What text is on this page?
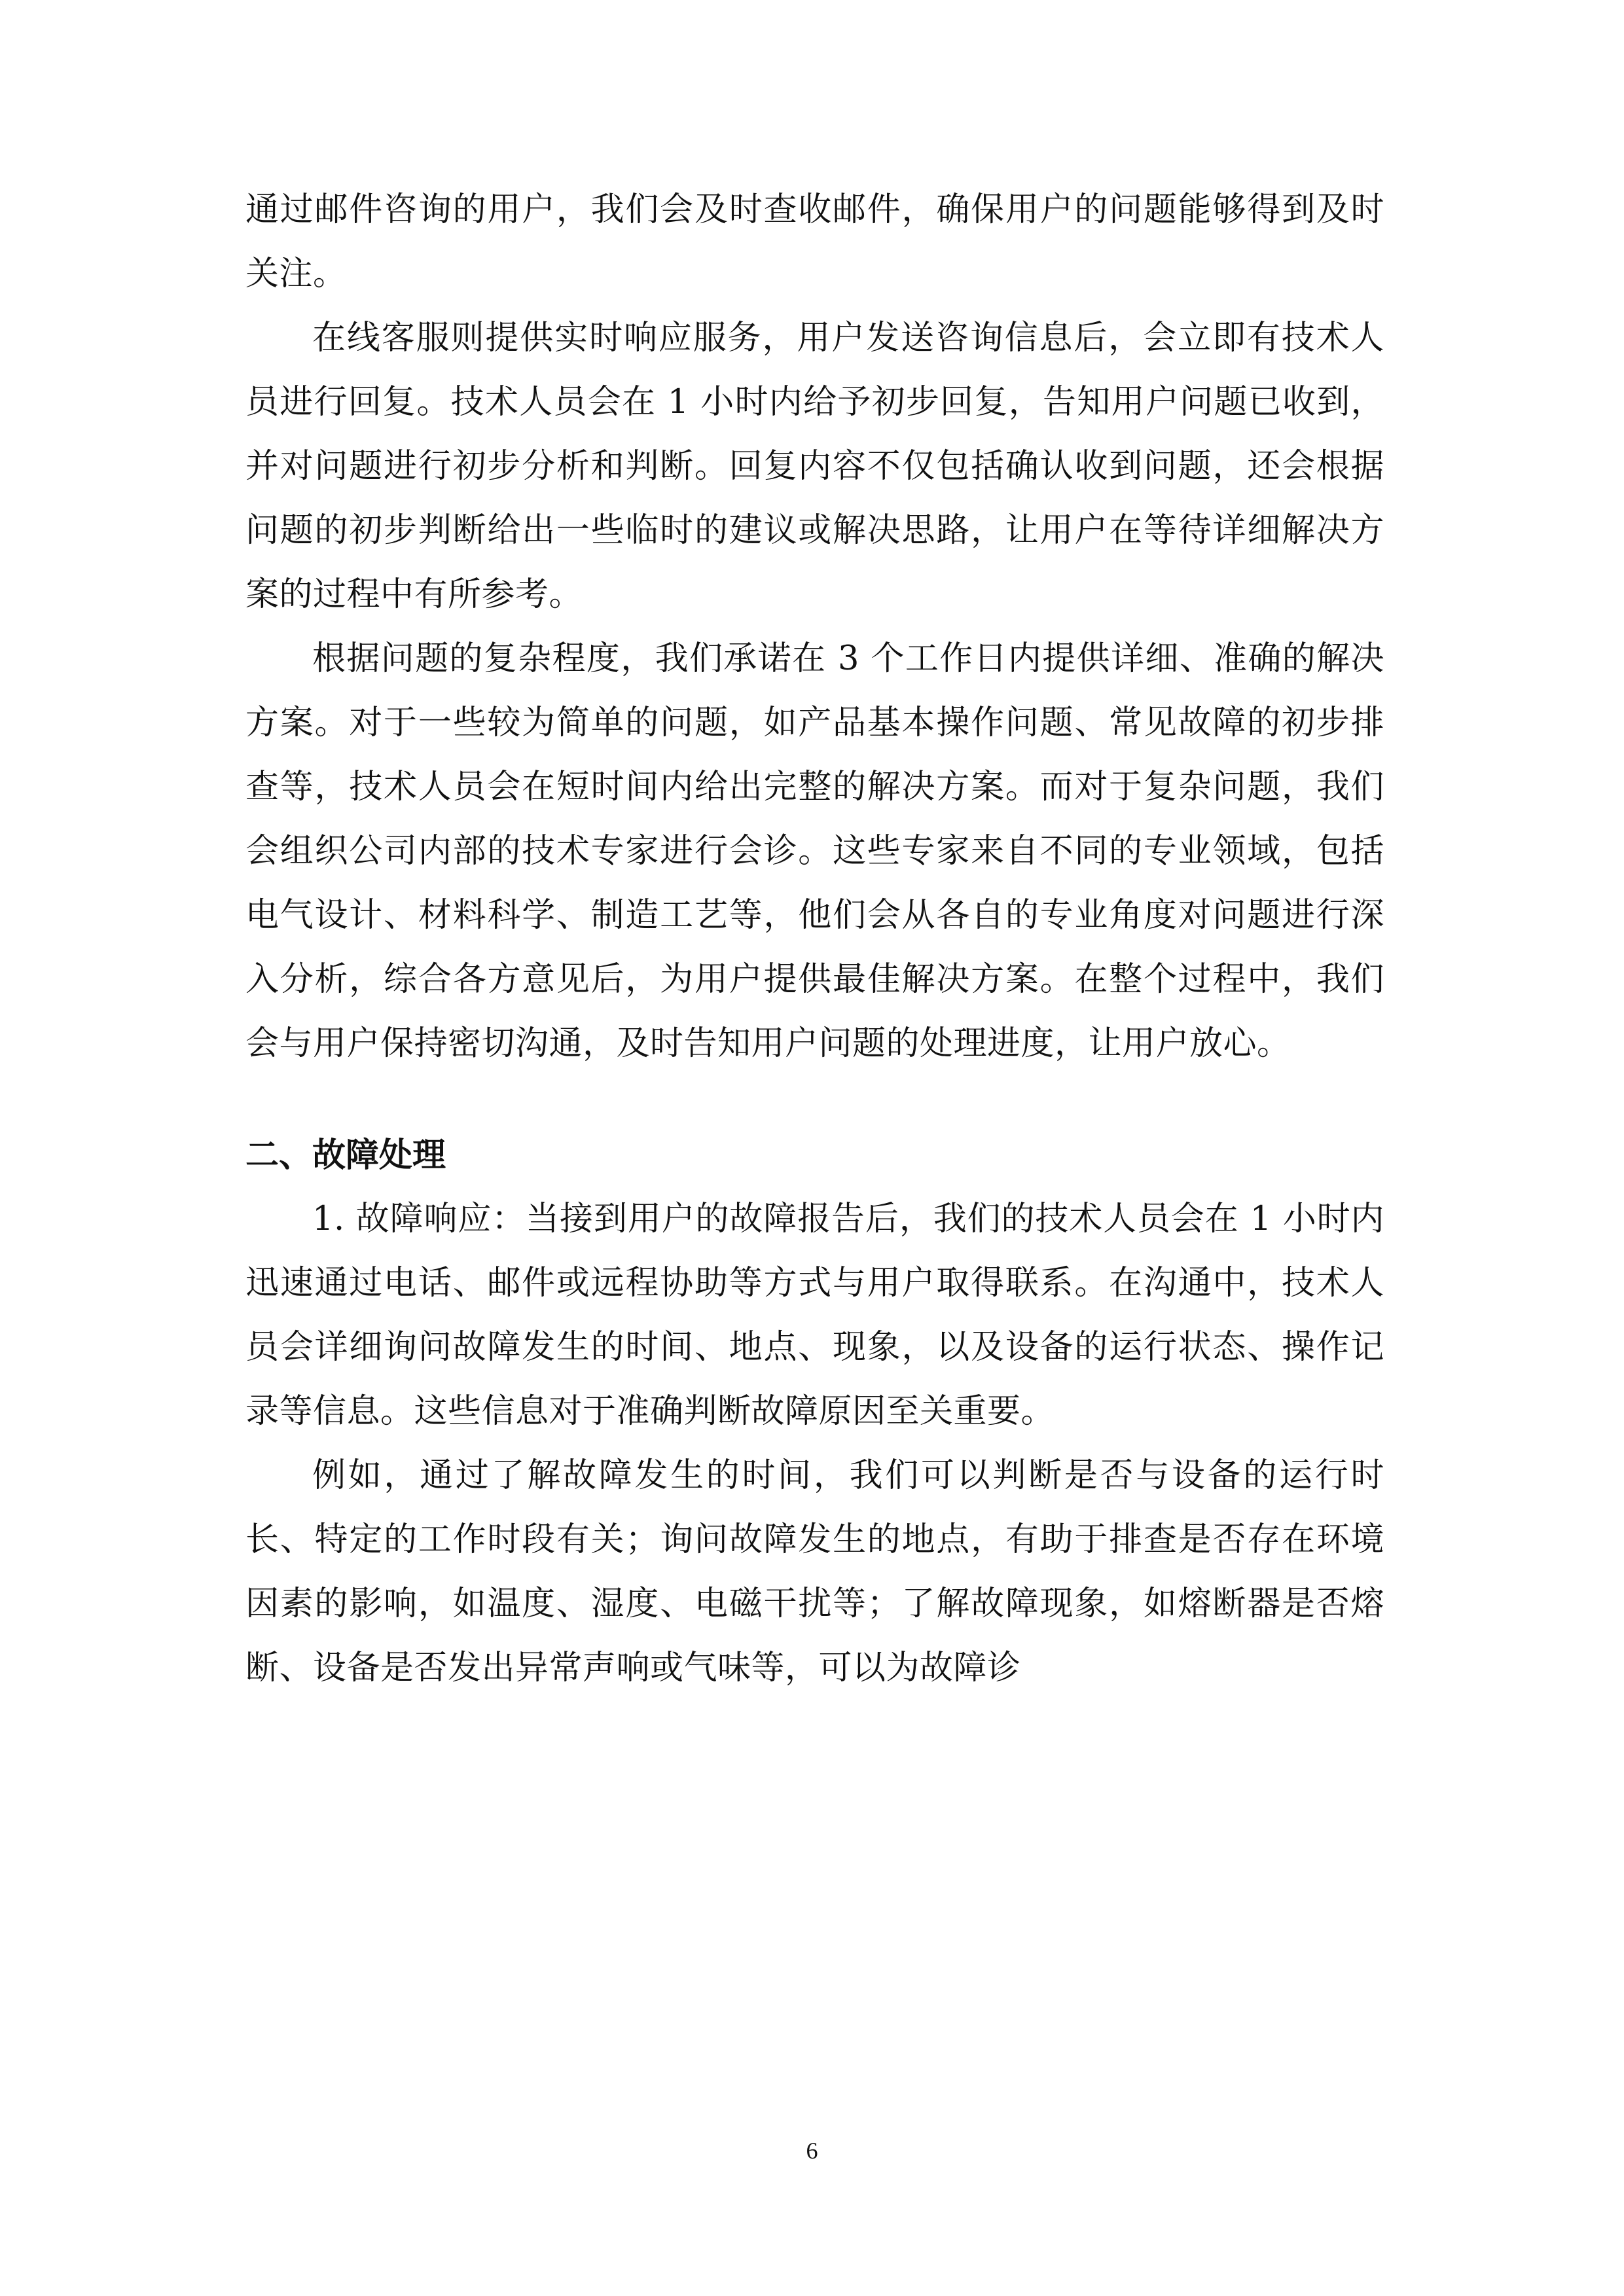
通过邮件咨询的用户，我们会及时查收邮件，确保用户的问题能够得到及时关注。

在线客服则提供实时响应服务，用户发送咨询信息后，会立即有技术人员进行回复。技术人员会在 1 小时内给予初步回复，告知用户问题已收到，并对问题进行初步分析和判断。回复内容不仅包括确认收到问题，还会根据问题的初步判断给出一些临时的建议或解决思路，让用户在等待详细解决方案的过程中有所参考。

根据问题的复杂程度，我们承诺在 3 个工作日内提供详细、准确的解决方案。对于一些较为简单的问题，如产品基本操作问题、常见故障的初步排查等，技术人员会在短时间内给出完整的解决方案。而对于复杂问题，我们会组织公司内部的技术专家进行会诊。这些专家来自不同的专业领域，包括电气设计、材料科学、制造工艺等，他们会从各自的专业角度对问题进行深入分析，综合各方意见后，为用户提供最佳解决方案。在整个过程中，我们会与用户保持密切沟通，及时告知用户问题的处理进度，让用户放心。

二、故障处理

1. 故障响应：当接到用户的故障报告后，我们的技术人员会在 1 小时内迅速通过电话、邮件或远程协助等方式与用户取得联系。在沟通中，技术人员会详细询问故障发生的时间、地点、现象，以及设备的运行状态、操作记录等信息。这些信息对于准确判断故障原因至关重要。

例如，通过了解故障发生的时间，我们可以判断是否与设备的运行时长、特定的工作时段有关；询问故障发生的地点，有助于排查是否存在环境因素的影响，如温度、湿度、电磁干扰等；了解故障现象，如熔断器是否熔断、设备是否发出异常声响或气味等，可以为故障诊

6
